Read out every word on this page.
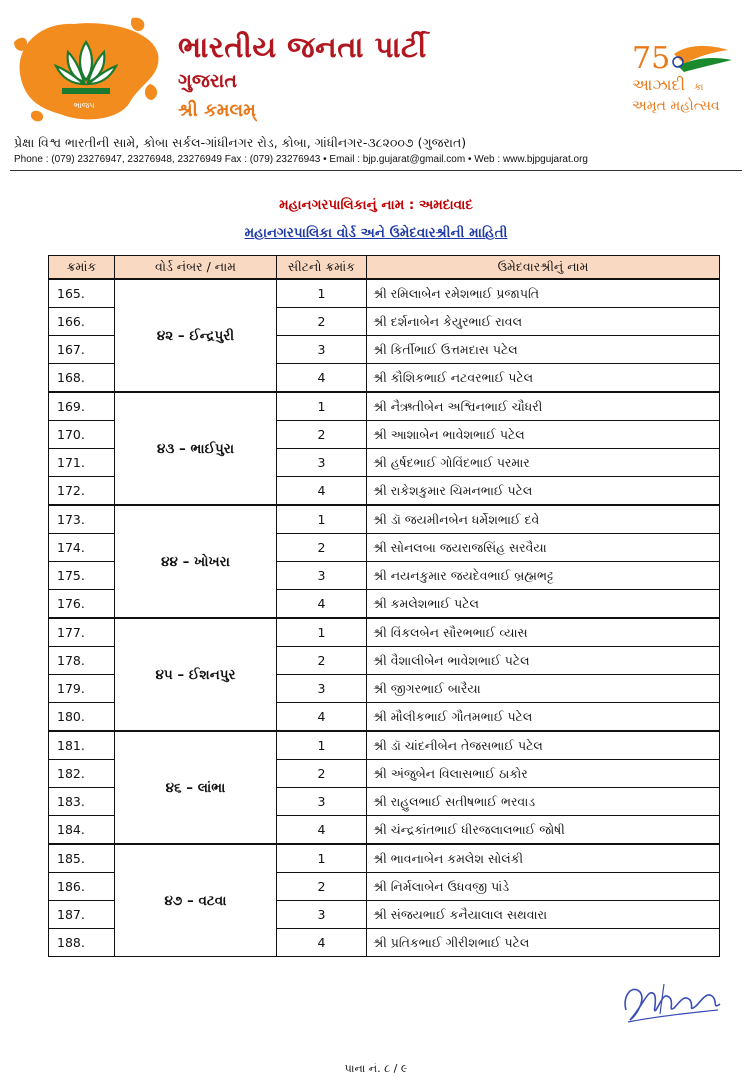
ભાજપ
ભારતીય જનતા પાર્ટી
ગુજરાત
શ્રી કમલમ્
75
આઝાદી કા
અમૃત મહોત્સવ
પ્રેક્ષા વિશ્વ ભારતીની સામે, કોબા સર્કલ-ગાંધીનગર રોડ, કોબા, ગાંધીનગર-૩૮૨૦૦૭ (ગુજરાત)
Phone : (079) 23276947, 23276948, 23276949 Fax : (079) 23276943 • Email : bjp.gujarat@gmail.com • Web : www.bjpgujarat.org
મહાનગરપાલિકાનું નામ : અમદાવાદ
મહાનગરપાલિકા વોર્ડ અને ઉમેદવારશ્રીની માહિતી
ક્રમાંક	વોર્ડ નંબર / નામ	સીટનો ક્રમાંક	ઉમેદવારશ્રીનું નામ
165.	૪૨ – ઈન્દ્રપુરી	1	શ્રી રમિલાબેન રમેશભાઈ પ્રજાપતિ
166.		2	શ્રી દર્શનાબેન કેયુરભાઈ રાવલ
167.		3	શ્રી કિર્તીભાઈ ઉત્તમદાસ પટેલ
168.		4	શ્રી કૌશિકભાઈ નટવરભાઈ પટેલ
169.	૪૩ – ભાઈપુરા	1	શ્રી નૈઋતીબેન અશ્વિનભાઈ ચૌધરી
170.		2	શ્રી આશાબેન ભાવેશભાઈ પટેલ
171.		3	શ્રી હર્ષદભાઈ ગોવિંદભાઈ પરમાર
172.		4	શ્રી રાકેશકુમાર ચિમનભાઈ પટેલ
173.	૪૪ – ખોખરા	1	શ્રી ડૉ જયમીનબેન ધર્મેશભાઈ દવે
174.		2	શ્રી સોનલબા જયરાજસિંહ સરવૈયા
175.		3	શ્રી નયનકુમાર જયદેવભાઈ બ્રહ્મભટ્ટ
176.		4	શ્રી કમલેશભાઈ પટેલ
177.	૪૫ – ઈશનપુર	1	શ્રી વિંકલબેન સૌરભભાઈ વ્યાસ
178.		2	શ્રી વૈશાલીબેન ભાવેશભાઈ પટેલ
179.		3	શ્રી જીગરભાઈ બારૈયા
180.		4	શ્રી મૌલીકભાઈ ગૌતમભાઈ પટેલ
181.	૪૬ – લાંભા	1	શ્રી ડૉ ચાંદનીબેન તેજસભાઈ પટેલ
182.		2	શ્રી અંજુબેન વિલાસભાઈ ઠાકોર
183.		3	શ્રી રાહુલભાઈ સતીષભાઈ ભરવાડ
184.		4	શ્રી ચંન્દ્રકાંતભાઈ ધીરજલાલભાઈ જોષી
185.	૪૭ – વટવા	1	શ્રી ભાવનાબેન કમલેશ સોલંકી
186.		2	શ્રી નિર્મલાબેન ઉધવજી પાંડે
187.		3	શ્રી સંજયભાઈ કનૈયાલાલ સથવારા
188.		4	શ્રી પ્રતિકભાઈ ગીરીશભાઈ પટેલ
પાના નં. ૮ / ૯
